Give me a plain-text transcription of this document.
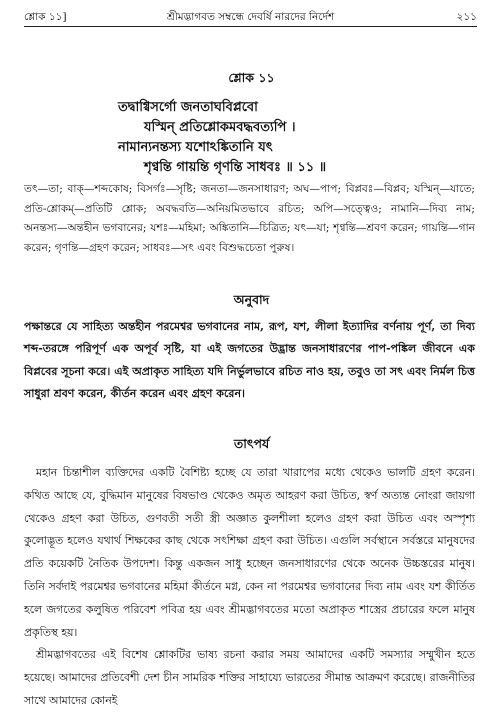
শ্লোক ১১]	শ্রীমদ্ভাগবত সম্বন্ধে দেবর্ষি নারদের নির্দেশ	২১১
শ্লোক ১১
তদ্বাগ্বিসর্গো জনতাঘবিপ্লবো
যস্মিন্ প্রতিশ্লোকমবদ্ধবত্যপি ।
নামান্যনন্তস্য যশোঽঙ্কিতানি যৎ
শৃণ্বন্তি গায়ন্তি গৃণন্তি সাধবঃ ॥ ১১ ॥
তৎ—তা; বাক্—শব্দকোষ; বিসর্গঃ—সৃষ্টি; জনতা—জনসাধারণ; অঘ—পাপ; বিপ্লবঃ—বিপ্লব; যস্মিন্—যাতে; প্রতি-শ্লোকম্—প্রতিটি শ্লোক; অবদ্ধবতি—অনিয়মিতভাবে রচিত; অপি—সত্ত্বেও; নামানি—দিব্য নাম; অনন্তস্য—অন্তহীন ভগবানের; যশঃ—মহিমা; অঙ্কিতানি—চিত্রিত; যৎ—যা; শৃণ্বন্তি—শ্রবণ করেন; গায়ন্তি—গান করেন; গৃণন্তি—গ্রহণ করেন; সাধবঃ—সৎ এবং বিশুদ্ধচেতা পুরুষ।
অনুবাদ
পক্ষান্তরে যে সাহিত্য অন্তহীন পরমেশ্বর ভগবানের নাম, রূপ, যশ, লীলা ইত্যাদির বর্ণনায় পূর্ণ, তা দিব্য শব্দ-তরঙ্গে পরিপূর্ণ এক অপূর্ব সৃষ্টি, যা এই জগতের উদ্ভ্রান্ত জনসাধারণের পাপ-পঙ্কিল জীবনে এক বিপ্লবের সূচনা করে। এই অপ্রাকৃত সাহিত্য যদি নির্ভুলভাবে রচিত নাও হয়, তবুও তা সৎ এবং নির্মল চিত্ত সাধুরা শ্রবণ করেন, কীর্তন করেন এবং গ্রহণ করেন।
তাৎপর্য

মহান চিন্তাশীল ব্যক্তিদের একটি বৈশিষ্ট্য হচ্ছে যে তারা খারাপের মধ্যে থেকেও ভালটি গ্রহণ করেন। কথিত আছে যে, বুদ্ধিমান মানুষের বিষভাণ্ড থেকেও অমৃত আহরণ করা উচিত, স্বর্ণ অত্যন্ত নোংরা জায়গা থেকেও গ্রহণ করা উচিত, গুণবতী সতী স্ত্রী অজ্ঞাত কুলশীলা হলেও গ্রহণ করা উচিত এবং অস্পৃশ্য কুলোদ্ভূত হলেও যথার্থ শিক্ষকের কাছ থেকে সৎশিক্ষা গ্রহণ করা উচিত। এগুলি সর্বস্থানে সর্বস্তরে মানুষদের প্রতি কয়েকটি নৈতিক উপদেশ। কিন্তু একজন সাধু হচ্ছেন জনসাধারণের থেকে অনেক উচ্চস্তরের মানুষ। তিনি সর্বদাই পরমেশ্বর ভগবানের মহিমা কীর্তনে মগ্ন, কেন না পরমেশ্বর ভগবানের দিব্য নাম এবং যশ কীর্তিত হলে জগতের কলুষিত পরিবেশ পবিত্র হয় এবং শ্রীমদ্ভাগবতের মতো অপ্রাকৃত শাস্ত্রের প্রচারের ফলে মানুষ প্রকৃতিস্থ হয়।

শ্রীমদ্ভাগবতের এই বিশেষ শ্লোকটির ভাষ্য রচনা করার সময় আমাদের একটি সমস্যার সম্মুখীন হতে হয়েছে। আমাদের প্রতিবেশী দেশ চীন সামরিক শক্তির সাহায্যে ভারতের সীমান্ত আক্রমণ করেছে। রাজনীতির সাথে আমাদের কোনই
